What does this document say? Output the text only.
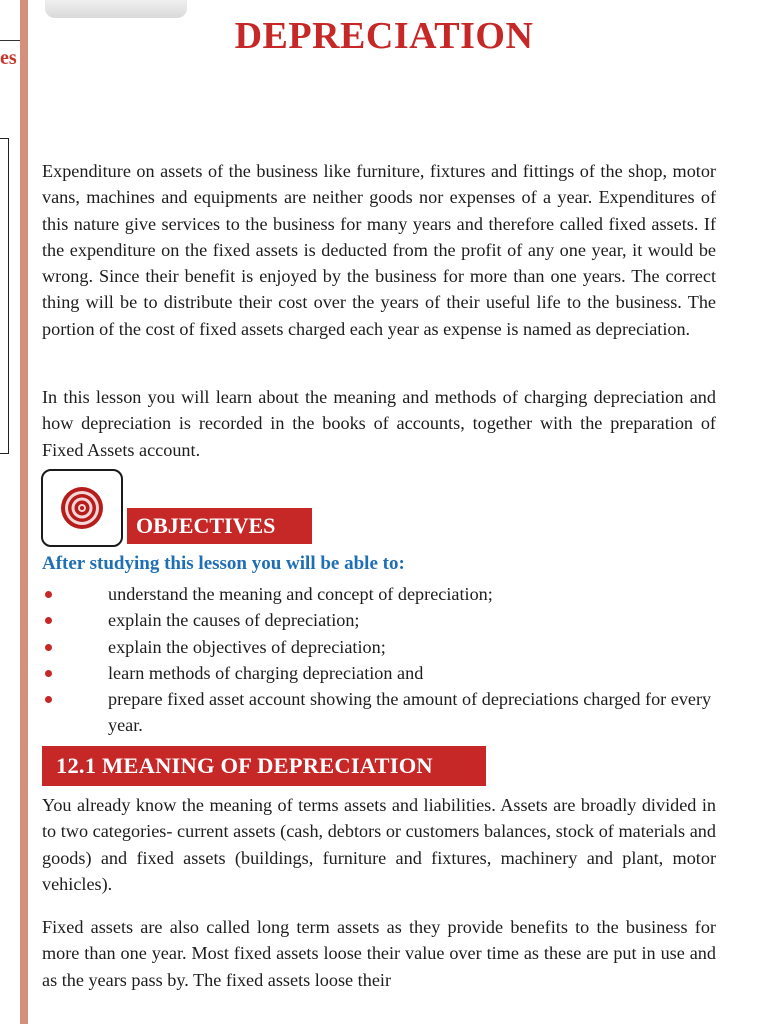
es
DEPRECIATION

Expenditure on assets of the business like furniture, fixtures and fittings of the shop, motor vans, machines and equipments are neither goods nor expenses of a year. Expenditures of this nature give services to the business for many years and therefore called fixed assets. If the expenditure on the fixed assets is deducted from the profit of any one year, it would be wrong. Since their benefit is enjoyed by the business for more than one years. The correct thing will be to distribute their cost over the years of their useful life to the business. The portion of the cost of fixed assets charged each year as expense is named as depreciation.

In this lesson you will learn about the meaning and methods of charging depreciation and how depreciation is recorded in the books of accounts, together with the preparation of Fixed Assets account.

OBJECTIVES
After studying this lesson you will be able to:
understand the meaning and concept of depreciation;
explain the causes of depreciation;
explain the objectives of depreciation;
learn methods of charging depreciation and
prepare fixed asset account showing the amount of depreciations charged for every year.
12.1 MEANING OF DEPRECIATION

You already know the meaning of terms assets and liabilities. Assets are broadly divided in to two categories- current assets (cash, debtors or customers balances, stock of materials and goods) and fixed assets (buildings, furniture and fixtures, machinery and plant, motor vehicles).

Fixed assets are also called long term assets as they provide benefits to the business for more than one year. Most fixed assets loose their value over time as these are put in use and as the years pass by. The fixed assets loose their
